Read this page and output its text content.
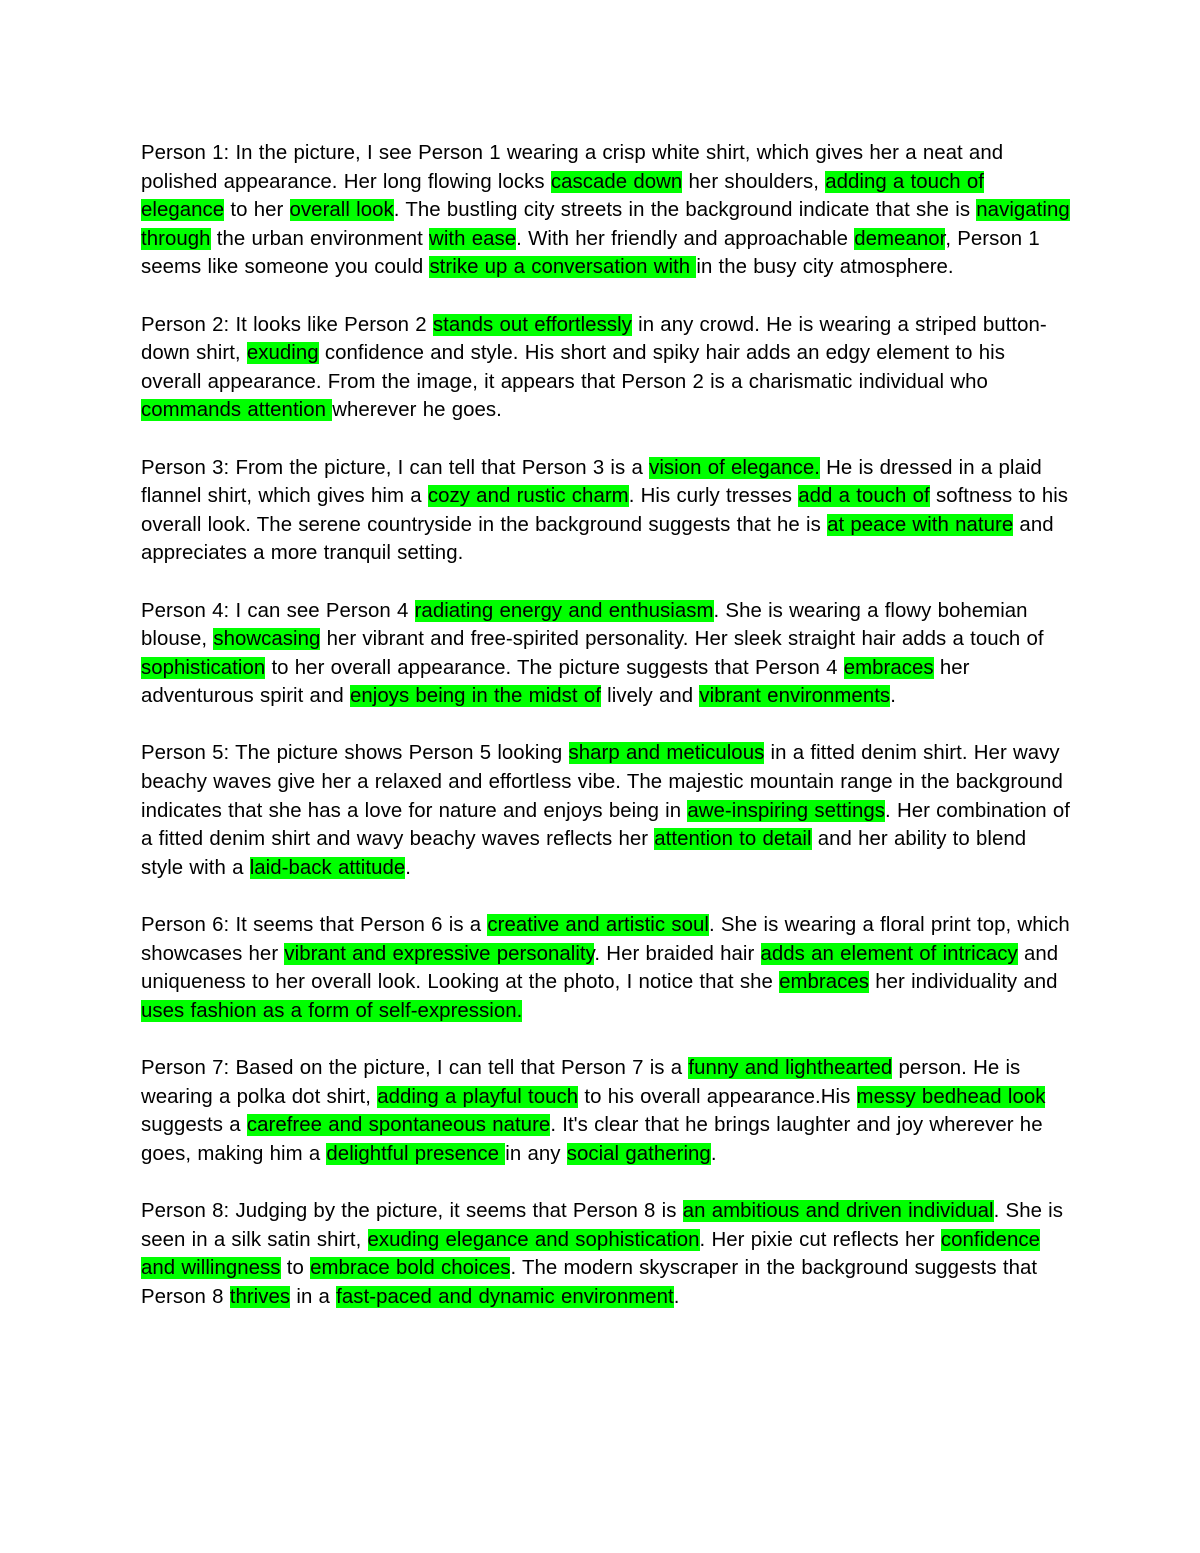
Person 1: In the picture, I see Person 1 wearing a crisp white shirt, which gives her a neat and polished appearance. Her long flowing locks cascade down her shoulders, adding a touch of elegance to her overall look. The bustling city streets in the background indicate that she is navigating through the urban environment with ease. With her friendly and approachable demeanor, Person 1 seems like someone you could strike up a conversation with in the busy city atmosphere.

Person 2: It looks like Person 2 stands out effortlessly in any crowd. He is wearing a striped button-down shirt, exuding confidence and style. His short and spiky hair adds an edgy element to his overall appearance. From the image, it appears that Person 2 is a charismatic individual who commands attention wherever he goes.

Person 3: From the picture, I can tell that Person 3 is a vision of elegance. He is dressed in a plaid flannel shirt, which gives him a cozy and rustic charm. His curly tresses add a touch of softness to his overall look. The serene countryside in the background suggests that he is at peace with nature and appreciates a more tranquil setting.

Person 4: I can see Person 4 radiating energy and enthusiasm. She is wearing a flowy bohemian blouse, showcasing her vibrant and free-spirited personality. Her sleek straight hair adds a touch of sophistication to her overall appearance. The picture suggests that Person 4 embraces her adventurous spirit and enjoys being in the midst of lively and vibrant environments.

Person 5: The picture shows Person 5 looking sharp and meticulous in a fitted denim shirt. Her wavy beachy waves give her a relaxed and effortless vibe. The majestic mountain range in the background indicates that she has a love for nature and enjoys being in awe-inspiring settings. Her combination of a fitted denim shirt and wavy beachy waves reflects her attention to detail and her ability to blend style with a laid-back attitude.

Person 6: It seems that Person 6 is a creative and artistic soul. She is wearing a floral print top, which showcases her vibrant and expressive personality. Her braided hair adds an element of intricacy and uniqueness to her overall look. Looking at the photo, I notice that she embraces her individuality and uses fashion as a form of self-expression.

Person 7: Based on the picture, I can tell that Person 7 is a funny and lighthearted person. He is wearing a polka dot shirt, adding a playful touch to his overall appearance.His messy bedhead look suggests a carefree and spontaneous nature. It's clear that he brings laughter and joy wherever he goes, making him a delightful presence in any social gathering.

Person 8: Judging by the picture, it seems that Person 8 is an ambitious and driven individual. She is seen in a silk satin shirt, exuding elegance and sophistication. Her pixie cut reflects her confidence and willingness to embrace bold choices. The modern skyscraper in the background suggests that Person 8 thrives in a fast-paced and dynamic environment.
